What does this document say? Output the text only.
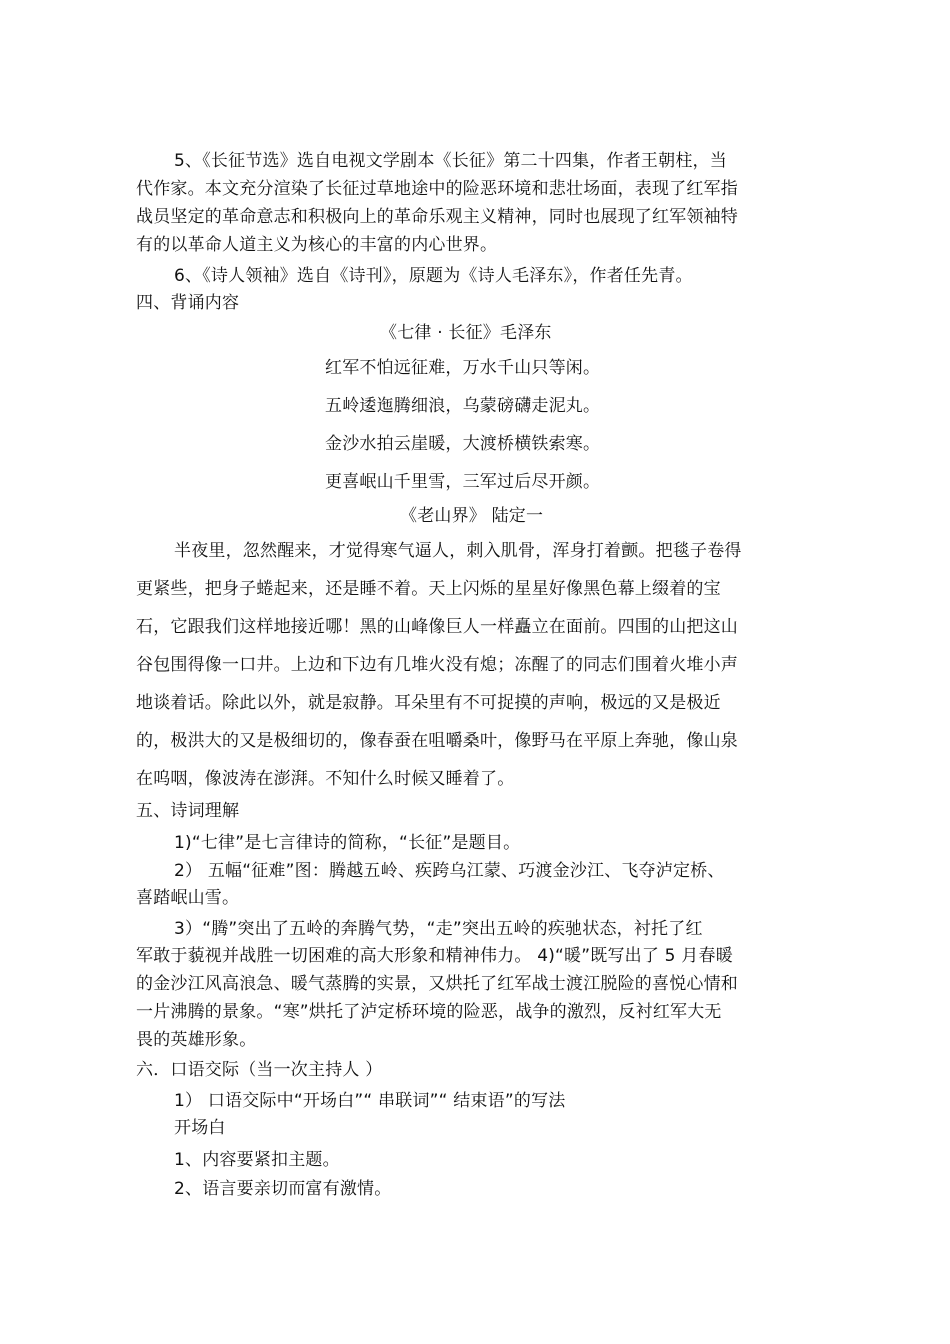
5、《长征节选》选自电视文学剧本《长征》第二十四集，作者王朝柱，当
代作家。本文充分渲染了长征过草地途中的险恶环境和悲壮场面，表现了红军指
战员坚定的革命意志和积极向上的革命乐观主义精神，同时也展现了红军领袖特
有的以革命人道主义为核心的丰富的内心世界。
6、《诗人领袖》选自《诗刊》，原题为《诗人毛泽东》，作者任先青。
四、背诵内容
《七律 · 长征》毛泽东
红军不怕远征难，万水千山只等闲。
五岭逶迤腾细浪，乌蒙磅礴走泥丸。
金沙水拍云崖暖，大渡桥横铁索寒。
更喜岷山千里雪，三军过后尽开颜。
《老山界》 陆定一
半夜里，忽然醒来，才觉得寒气逼人，刺入肌骨，浑身打着颤。把毯子卷得
更紧些，把身子蜷起来，还是睡不着。天上闪烁的星星好像黑色幕上缀着的宝
石，它跟我们这样地接近哪！黑的山峰像巨人一样矗立在面前。四围的山把这山
谷包围得像一口井。上边和下边有几堆火没有熄；冻醒了的同志们围着火堆小声
地谈着话。除此以外，就是寂静。耳朵里有不可捉摸的声响，极远的又是极近
的，极洪大的又是极细切的，像春蚕在咀嚼桑叶，像野马在平原上奔驰，像山泉
在呜咽，像波涛在澎湃。不知什么时候又睡着了。
五、诗词理解
1)“七律”是七言律诗的简称，“长征”是题目。
2） 五幅“征难”图：腾越五岭、疾跨乌江蒙、巧渡金沙江、飞夺泸定桥、
喜踏岷山雪。
3）“腾”突出了五岭的奔腾气势，“走”突出五岭的疾驰状态，衬托了红
军敢于藐视并战胜一切困难的高大形象和精神伟力。 4)“暖”既写出了 5 月春暖
的金沙江风高浪急、暖气蒸腾的实景，又烘托了红军战士渡江脱险的喜悦心情和
一片沸腾的景象。“寒”烘托了泸定桥环境的险恶，战争的激烈，反衬红军大无
畏的英雄形象。
六．口语交际（当一次主持人 ）
1） 口语交际中“开场白”“ 串联词”“ 结束语”的写法
开场白
1、内容要紧扣主题。
2、语言要亲切而富有激情。
